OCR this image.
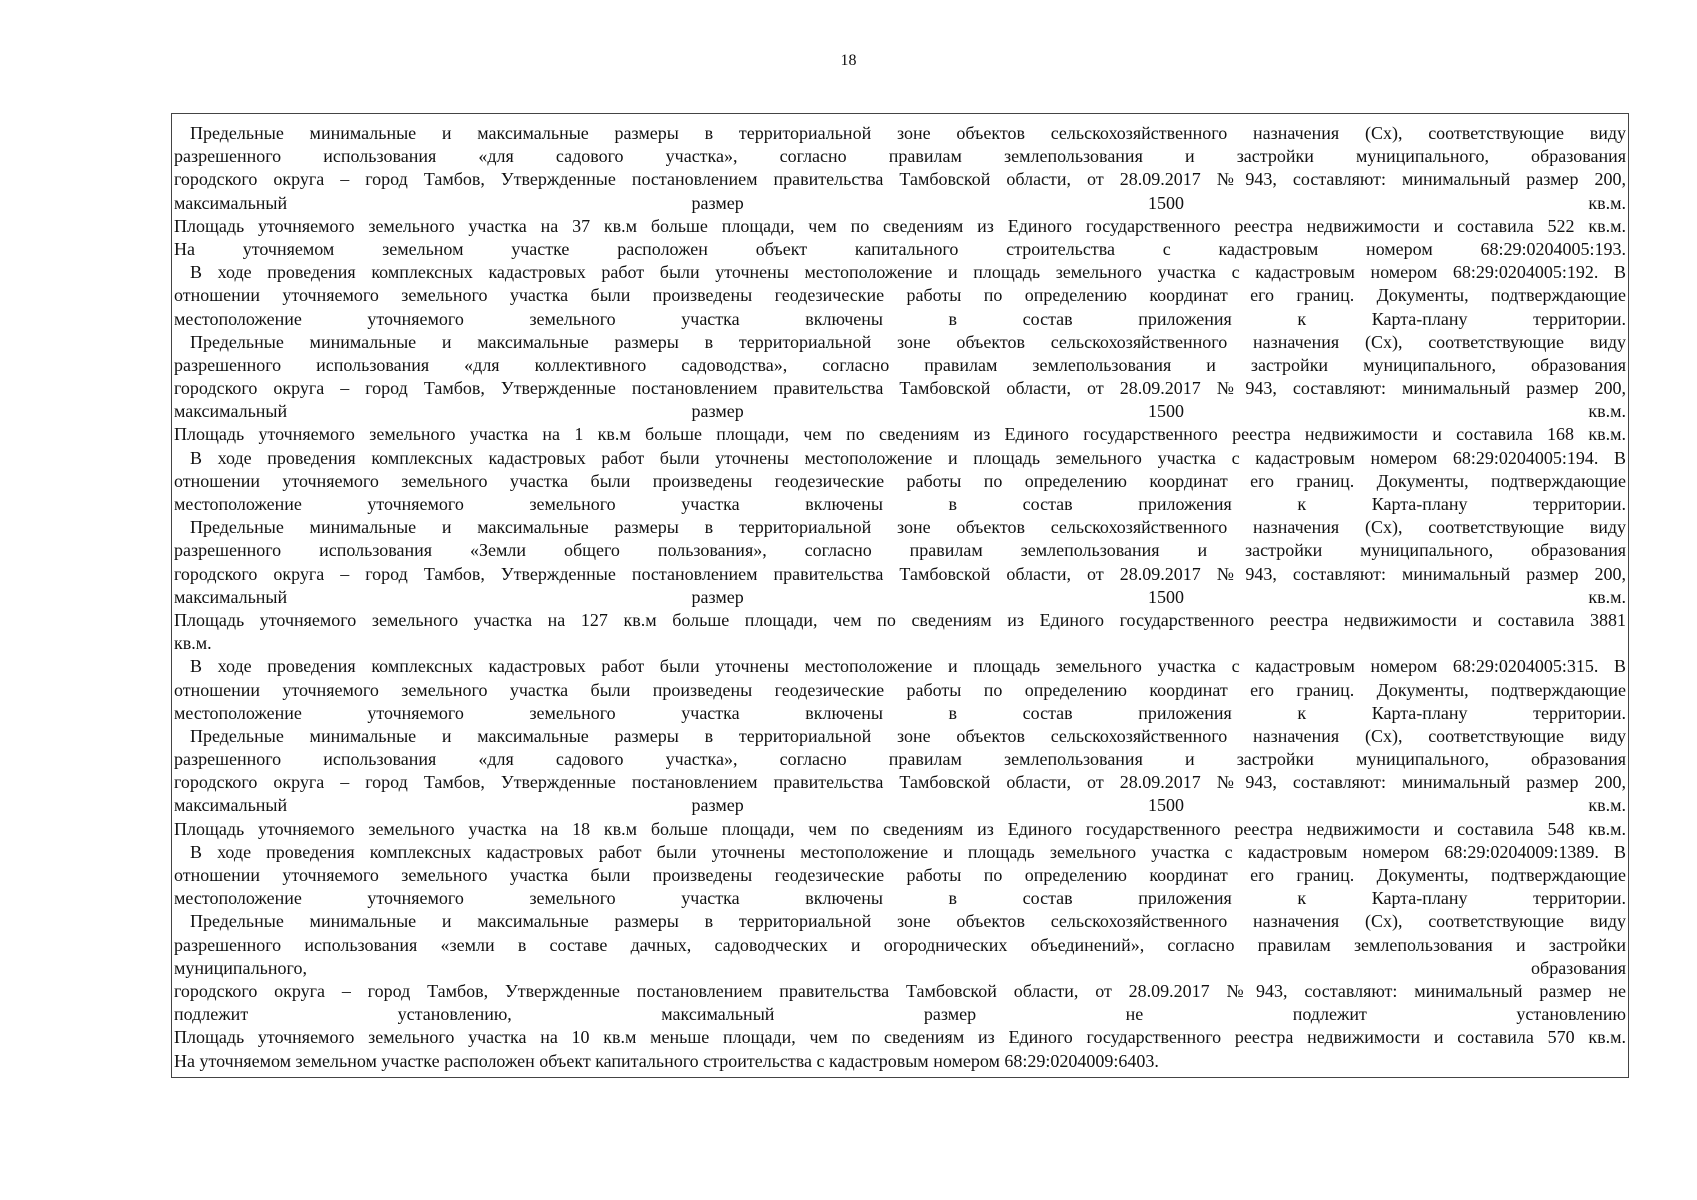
18
Предельные минимальные и максимальные размеры в территориальной зоне объектов сельскохозяйственного назначения (Сх), соответствующие виду
разрешенного использования «для садового участка», согласно правилам землепользования и застройки муниципального, образования
городского округа – город Тамбов, Утвержденные постановлением правительства Тамбовской области, от 28.09.2017 №943, составляют: минимальный размер 200,
максимальный размер 1500 кв.м.
Площадь уточняемого земельного участка на 37 кв.м больше площади, чем по сведениям из Единого государственного реестра недвижимости и составила 522 кв.м.
На уточняемом земельном участке расположен объект капитального строительства с кадастровым номером 68:29:0204005:193.
В ходе проведения комплексных кадастровых работ были уточнены местоположение и площадь земельного участка с кадастровым номером 68:29:0204005:192. В
отношении уточняемого земельного участка были произведены геодезические работы по определению координат его границ. Документы, подтверждающие
местоположение уточняемого земельного участка включены в состав приложения к Карта-плану территории.
Предельные минимальные и максимальные размеры в территориальной зоне объектов сельскохозяйственного назначения (Сх), соответствующие виду
разрешенного использования «для коллективного садоводства», согласно правилам землепользования и застройки муниципального, образования
городского округа – город Тамбов, Утвержденные постановлением правительства Тамбовской области, от 28.09.2017 №943, составляют: минимальный размер 200,
максимальный размер 1500 кв.м.
Площадь уточняемого земельного участка на 1 кв.м больше площади, чем по сведениям из Единого государственного реестра недвижимости и составила 168 кв.м.
В ходе проведения комплексных кадастровых работ были уточнены местоположение и площадь земельного участка с кадастровым номером 68:29:0204005:194. В
отношении уточняемого земельного участка были произведены геодезические работы по определению координат его границ. Документы, подтверждающие
местоположение уточняемого земельного участка включены в состав приложения к Карта-плану территории.
Предельные минимальные и максимальные размеры в территориальной зоне объектов сельскохозяйственного назначения (Сх), соответствующие виду
разрешенного использования «Земли общего пользования», согласно правилам землепользования и застройки муниципального, образования
городского округа – город Тамбов, Утвержденные постановлением правительства Тамбовской области, от 28.09.2017 №943, составляют: минимальный размер 200,
максимальный размер 1500 кв.м.
Площадь уточняемого земельного участка на 127 кв.м больше площади, чем по сведениям из Единого государственного реестра недвижимости и составила 3881
кв.м.
В ходе проведения комплексных кадастровых работ были уточнены местоположение и площадь земельного участка с кадастровым номером 68:29:0204005:315. В
отношении уточняемого земельного участка были произведены геодезические работы по определению координат его границ. Документы, подтверждающие
местоположение уточняемого земельного участка включены в состав приложения к Карта-плану территории.
Предельные минимальные и максимальные размеры в территориальной зоне объектов сельскохозяйственного назначения (Сх), соответствующие виду
разрешенного использования «для садового участка», согласно правилам землепользования и застройки муниципального, образования
городского округа – город Тамбов, Утвержденные постановлением правительства Тамбовской области, от 28.09.2017 №943, составляют: минимальный размер 200,
максимальный размер 1500 кв.м.
Площадь уточняемого земельного участка на 18 кв.м больше площади, чем по сведениям из Единого государственного реестра недвижимости и составила 548 кв.м.
В ходе проведения комплексных кадастровых работ были уточнены местоположение и площадь земельного участка с кадастровым номером 68:29:0204009:1389. В
отношении уточняемого земельного участка были произведены геодезические работы по определению координат его границ. Документы, подтверждающие
местоположение уточняемого земельного участка включены в состав приложения к Карта-плану территории.
Предельные минимальные и максимальные размеры в территориальной зоне объектов сельскохозяйственного назначения (Сх), соответствующие виду
разрешенного использования «земли в составе дачных, садоводческих и огороднических объединений», согласно правилам землепользования и застройки
муниципального, образования
городского округа – город Тамбов, Утвержденные постановлением правительства Тамбовской области, от 28.09.2017 №943, составляют: минимальный размер не
подлежит установлению, максимальный размер не подлежит установлению
Площадь уточняемого земельного участка на 10 кв.м меньше площади, чем по сведениям из Единого государственного реестра недвижимости и составила 570 кв.м.
На уточняемом земельном участке расположен объект капитального строительства с кадастровым номером 68:29:0204009:6403.
